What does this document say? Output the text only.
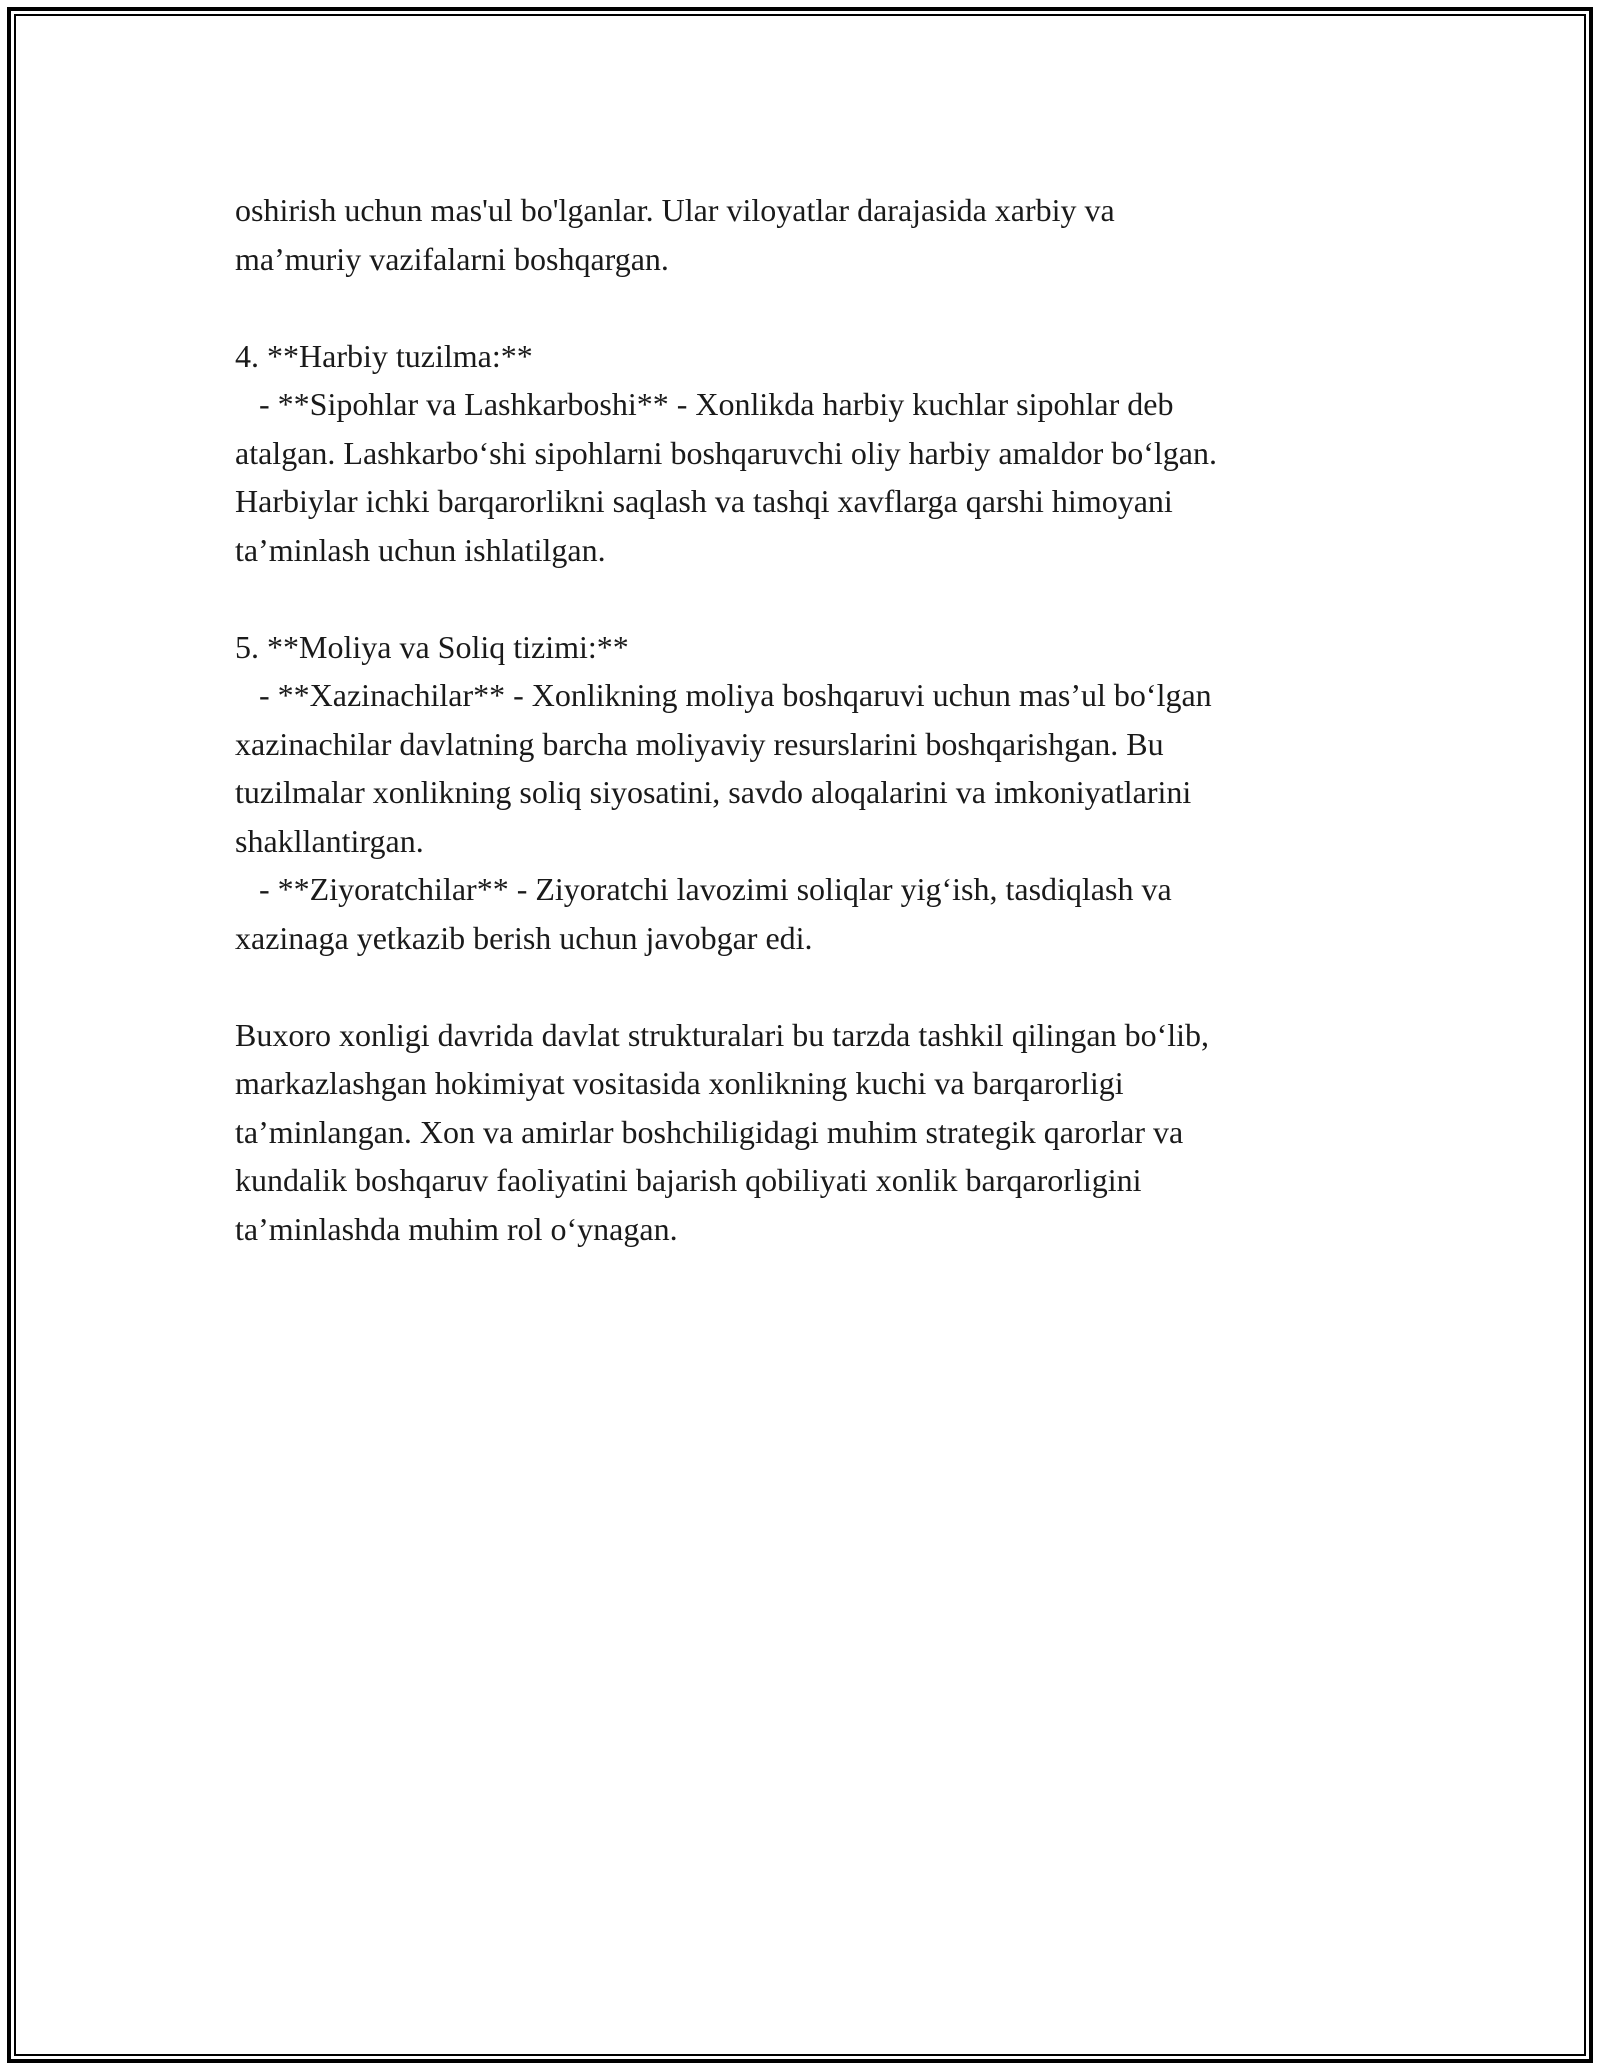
oshirish uchun mas'ul bo'lganlar. Ular viloyatlar darajasida xarbiy va
ma’muriy vazifalarni boshqargan.
4. **Harbiy tuzilma:**
- **Sipohlar va Lashkarboshi** - Xonlikda harbiy kuchlar sipohlar deb
atalgan. Lashkarbo‘shi sipohlarni boshqaruvchi oliy harbiy amaldor bo‘lgan.
Harbiylar ichki barqarorlikni saqlash va tashqi xavflarga qarshi himoyani
ta’minlash uchun ishlatilgan.
5. **Moliya va Soliq tizimi:**
- **Xazinachilar** - Xonlikning moliya boshqaruvi uchun mas’ul bo‘lgan
xazinachilar davlatning barcha moliyaviy resurslarini boshqarishgan. Bu
tuzilmalar xonlikning soliq siyosatini, savdo aloqalarini va imkoniyatlarini
shakllantirgan.
- **Ziyoratchilar** - Ziyoratchi lavozimi soliqlar yig‘ish, tasdiqlash va
xazinaga yetkazib berish uchun javobgar edi.
Buxoro xonligi davrida davlat strukturalari bu tarzda tashkil qilingan bo‘lib,
markazlashgan hokimiyat vositasida xonlikning kuchi va barqarorligi
ta’minlangan. Xon va amirlar boshchiligidagi muhim strategik qarorlar va
kundalik boshqaruv faoliyatini bajarish qobiliyati xonlik barqarorligini
ta’minlashda muhim rol o‘ynagan.
